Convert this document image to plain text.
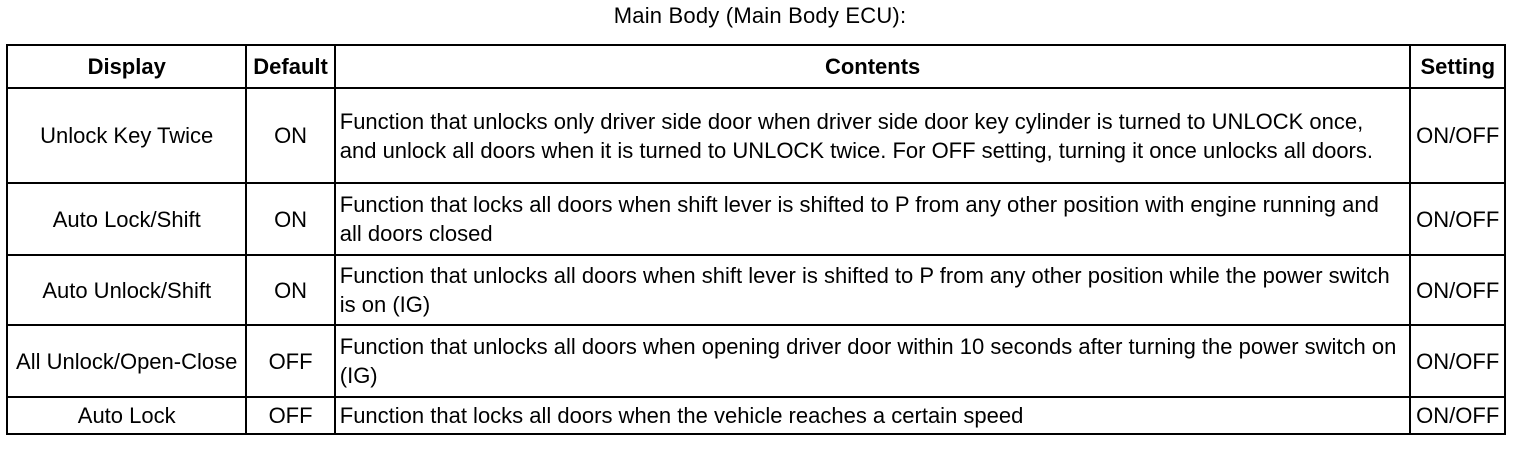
Main Body (Main Body ECU):
Display	Default	Contents	Setting
Unlock Key Twice	ON	Function that unlocks only driver side door when driver side door key cylinder is turned to UNLOCK once, and unlock all doors when it is turned to UNLOCK twice. For OFF setting, turning it once unlocks all doors.	ON/OFF
Auto Lock/Shift	ON	Function that locks all doors when shift lever is shifted to P from any other position with engine running and all doors closed	ON/OFF
Auto Unlock/Shift	ON	Function that unlocks all doors when shift lever is shifted to P from any other position while the power switch is on (IG)	ON/OFF
All Unlock/Open-Close	OFF	Function that unlocks all doors when opening driver door within 10 seconds after turning the power switch on (IG)	ON/OFF
Auto Lock	OFF	Function that locks all doors when the vehicle reaches a certain speed	ON/OFF
